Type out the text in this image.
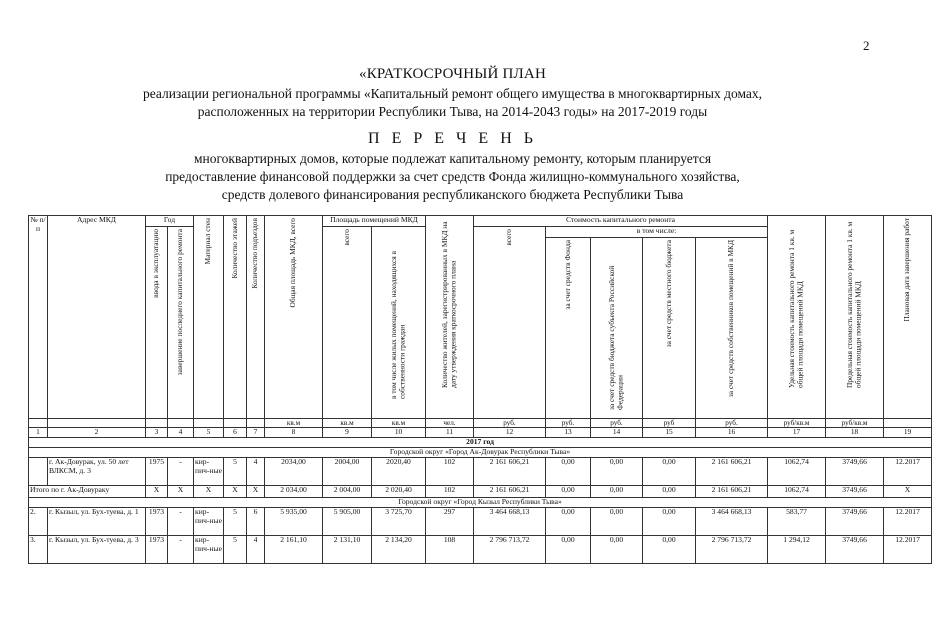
2
«КРАТКОСРОЧНЫЙ ПЛАН
реализации региональной программы «Капитальный ремонт общего имущества в многоквартирных домах,
расположенных на территории Республики Тыва, на 2014-2043 годы» на 2017-2019 годы
П Е Р Е Ч Е Н Ь
многоквартирных домов, которые подлежат капитальному ремонту, которым планируется
предоставление финансовой поддержки за счет средств Фонда жилищно-коммунального хозяйства,
средств долевого финансирования республиканского бюджета Республики Тыва
№ п/п	Адрес МКД	Год		Материал стен	Количество этажей	Количество подъездов	Общая площадь МКД, всего	Площадь помещений МКД		Количество жителей, зарегистрированных в МКД на дату утверждения краткосрочного плана	Стоимость капитального ремонта					Удельная стоимость капитального ремонта 1 кв. м общей площади помещений МКД	Предельная стоимость капитального ремонта 1 кв. м общей площади помещений МКД	Плановая дата завершения работ
		ввода в эксплуатацию	завершение последнего капитального ремонта					всего	в том числе жилых помещений, находящихся в собственности граждан		всего	в том числе:						
												за счет средств Фонда	за счет средств бюджета субъекта Российской Федерации	за счет средств местного бюджета	за счет средств собственников помещений в МКД			
							кв.м	кв.м	кв.м	чел.	руб.	руб.	руб.	руб	руб.	руб/кв.м	руб/кв.м	
1	2	3	4	5	6	7	8	9	10	11	12	13	14	15	16	17	18	19
2017 год																		
Городской округ «Город Ак-Довурак Республики Тыва»																		
	г. Ак-Довурак, ул. 50 лет ВЛКСМ, д. 3	1975	-	кир-пич-ные	5	4	2034,00	2004,00	2020,40	102	2 161 606,21	0,00	0,00	0,00	2 161 606,21	1062,74	3749,66	12.2017
Итого по г. Ак-Довураку		X	X	X	X	X	2 034,00	2 004,00	2 020,40	102	2 161 606,21	0,00	0,00	0,00	2 161 606,21	1062,74	3749,66	X
Городской округ «Город Кызыл Республики Тыва»																		
2.	г. Кызыл, ул. Бух-туева, д. 1	1973	-	кир-пич-ные	5	6	5 935,00	5 905,00	3 725,70	297	3 464 668,13	0,00	0,00	0,00	3 464 668,13	583,77	3749,66	12.2017
3.	г. Кызыл, ул. Бух-туева, д. 3	1973	-	кир-пич-ные	5	4	2 161,10	2 131,10	2 134,20	108	2 796 713,72	0,00	0,00	0,00	2 796 713,72	1 294,12	3749,66	12.2017
